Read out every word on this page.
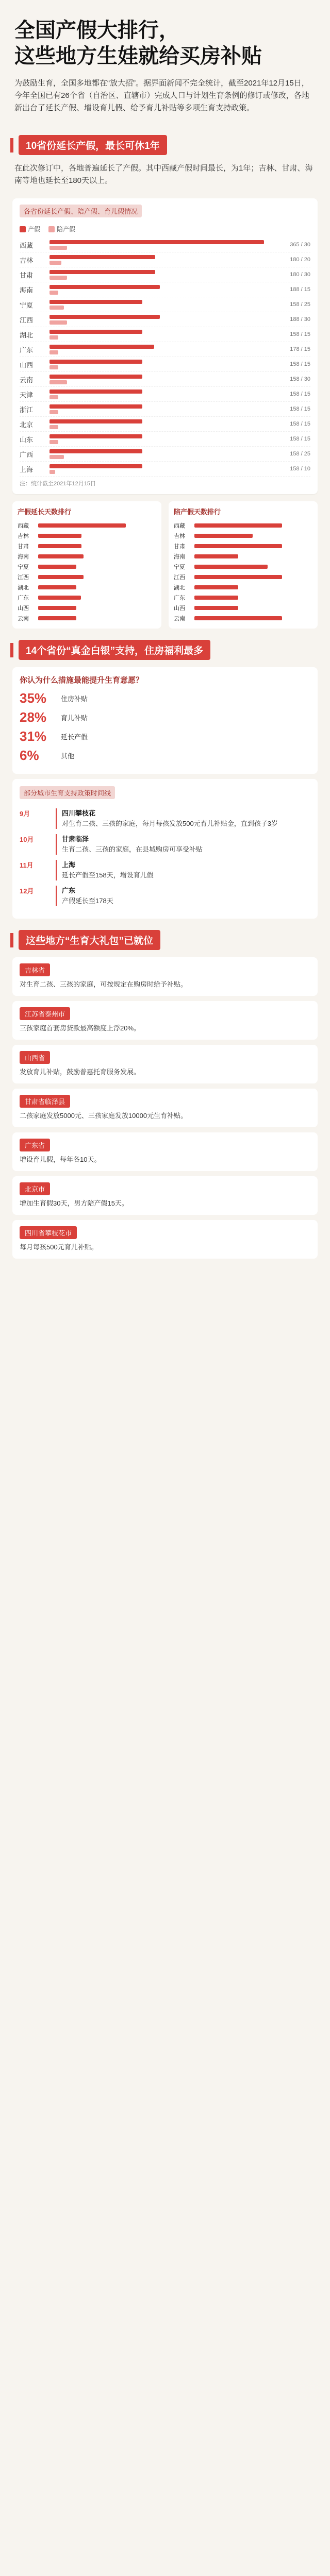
全国产假大排行，
这些地方生娃就给买房补贴
为鼓励生育，全国多地都在“放大招”。据界面新闻不完全统计，截至2021年12月15日，今年全国已有26个省（自治区、直辖市）完成人口与计划生育条例的修订或修改，各地新出台了延长产假、增设育儿假、给予育儿补贴等多项生育支持政策。
10省份延长产假，最长可休1年
在此次修订中，各地普遍延长了产假。其中西藏产假时间最长，为1年；吉林、甘肃、海南等地也延长至180天以上。
各省份延长产假、陪产假、育儿假情况
产假	陪产假
西藏	365 / 30
吉林	180 / 20
甘肃	180 / 30
海南	188 / 15
宁夏	158 / 25
江西	188 / 30
湖北	158 / 15
广东	178 / 15
山西	158 / 15
云南	158 / 30
天津	158 / 15
浙江	158 / 15
北京	158 / 15
山东	158 / 15
广西	158 / 25
上海	158 / 10
注：统计截至2021年12月15日
产假延长天数排行
西藏
吉林
甘肃
海南
宁夏
江西
湖北
广东
山西
云南
陪产假天数排行
西藏
吉林
甘肃
海南
宁夏
江西
湖北
广东
山西
云南
14个省份“真金白银”支持，住房福利最多
你认为什么措施最能提升生育意愿？
35%	住房补贴
28%	育儿补贴
31%	延长产假
6%	其他
部分城市生育支持政策时间线
9月	四川攀枝花
对生育二孩、三孩的家庭，每月每孩发放500元育儿补贴金，直到孩子3岁
10月	甘肃临泽
生育二孩、三孩的家庭，在县城购房可享受补贴
11月	上海
延长产假至158天，增设育儿假
12月	广东
产假延长至178天
这些地方“生育大礼包”已就位
吉林省
对生育二孩、三孩的家庭，可按规定在购房时给予补贴。
江苏省泰州市
三孩家庭首套房贷款最高额度上浮20%。
山西省
发放育儿补贴，鼓励普惠托育服务发展。
甘肃省临泽县
二孩家庭发放5000元、三孩家庭发放10000元生育补贴。
广东省
增设育儿假，每年各10天。
北京市
增加生育假30天，男方陪产假15天。
四川省攀枝花市
每月每孩500元育儿补贴。
